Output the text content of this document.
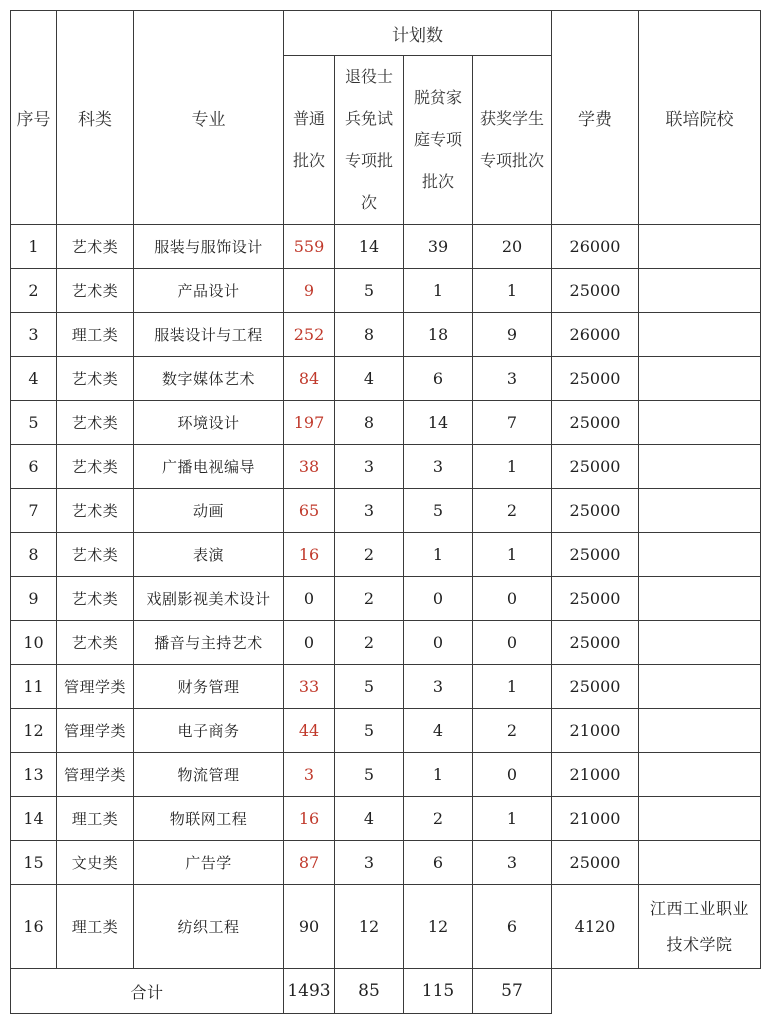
序号	科类	专业	计划数				学费	联培院校

			普通批次	退役士兵免试专项批次	脱贫家庭专项批次	获奖学生专项批次		

1	艺术类	服装与服饰设计	559	14	39	20	26000	
2	艺术类	产品设计	9	5	1	1	25000	
3	理工类	服装设计与工程	252	8	18	9	26000	
4	艺术类	数字媒体艺术	84	4	6	3	25000	
5	艺术类	环境设计	197	8	14	7	25000	
6	艺术类	广播电视编导	38	3	3	1	25000	
7	艺术类	动画	65	3	5	2	25000	
8	艺术类	表演	16	2	1	1	25000	
9	艺术类	戏剧影视美术设计	0	2	0	0	25000	
10	艺术类	播音与主持艺术	0	2	0	0	25000	
11	管理学类	财务管理	33	5	3	1	25000	
12	管理学类	电子商务	44	5	4	2	21000	
13	管理学类	物流管理	3	5	1	0	21000	
14	理工类	物联网工程	16	4	2	1	21000	
15	文史类	广告学	87	3	6	3	25000	
16	理工类	纺织工程	90	12	12	6	4120	江西工业职业技术学院
合计			1493	85	115	57		
